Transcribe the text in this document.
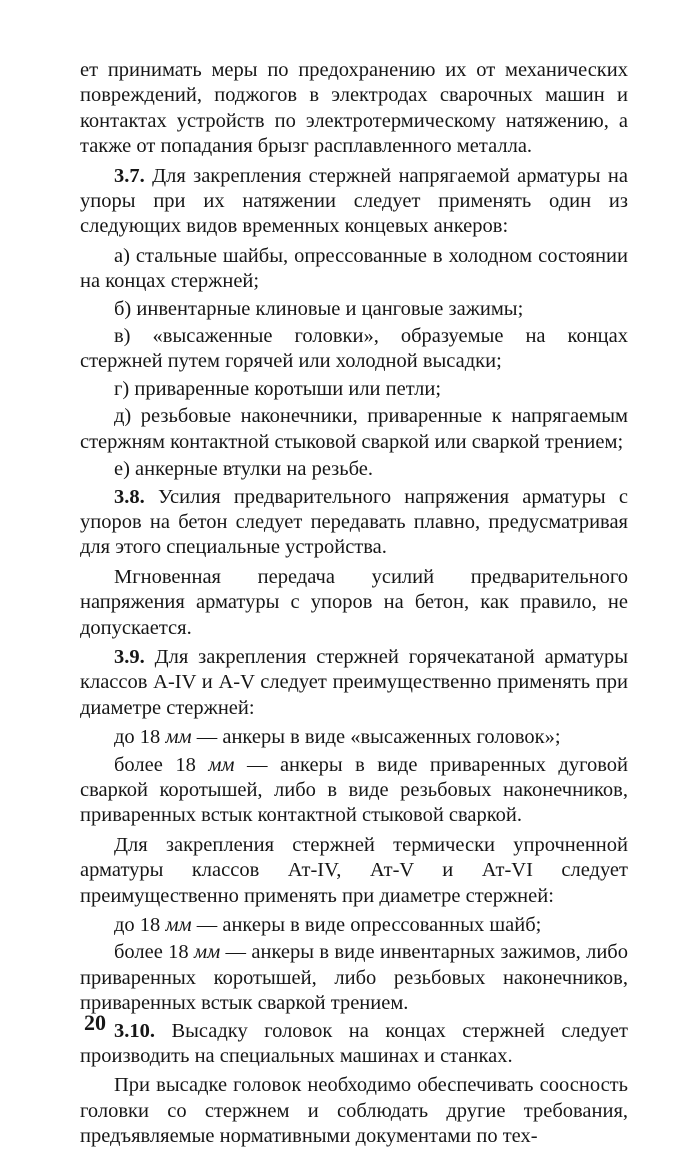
ет принимать меры по предохранению их от механических повреждений, поджогов в электродах сварочных машин и контактах устройств по электротермическому натяжению, а также от попадания брызг расплавленного металла.

3.7. Для закрепления стержней напрягаемой арматуры на упоры при их натяжении следует применять один из следующих видов временных концевых анкеров:

а) стальные шайбы, опрессованные в холодном состоянии на концах стержней;

б) инвентарные клиновые и цанговые зажимы;

в) «высаженные головки», образуемые на концах стержней путем горячей или холодной высадки;

г) приваренные коротыши или петли;

д) резьбовые наконечники, приваренные к напрягаемым стержням контактной стыковой сваркой или сваркой трением;

е) анкерные втулки на резьбе.

3.8. Усилия предварительного напряжения арматуры с упоров на бетон следует передавать плавно, предусматривая для этого специальные устройства.

Мгновенная передача усилий предварительного напряжения арматуры с упоров на бетон, как правило, не допускается.

3.9. Для закрепления стержней горячекатаной арматуры классов А-IV и А-V следует преимущественно применять при диаметре стержней:

до 18 мм — анкеры в виде «высаженных головок»;

более 18 мм — анкеры в виде приваренных дуговой сваркой коротышей, либо в виде резьбовых наконечников, приваренных встык контактной стыковой сваркой.

Для закрепления стержней термически упрочненной арматуры классов Ат-IV, Ат-V и Ат-VI следует преимущественно применять при диаметре стержней:

до 18 мм — анкеры в виде опрессованных шайб;

более 18 мм — анкеры в виде инвентарных зажимов, либо приваренных коротышей, либо резьбовых наконечников, приваренных встык сваркой трением.

3.10. Высадку головок на концах стержней следует производить на специальных машинах и станках.

При высадке головок необходимо обеспечивать соосность головки со стержнем и соблюдать другие требования, предъявляемые нормативными документами по тех-

20
